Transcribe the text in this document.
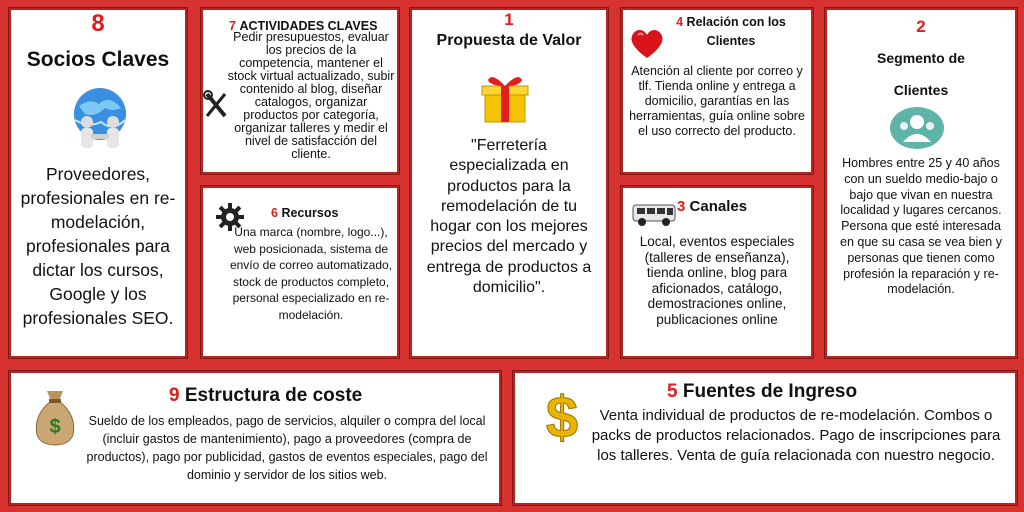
8
Socios Claves
Proveedores, profesionales en re-modelación, profesionales para dictar los cursos, Google y los profesionales SEO.
7 ACTIVIDADES CLAVES
Pedir presupuestos, evaluar los precios de la competencia, mantener el stock virtual actualizado, subir contenido al blog, diseñar catalogos, organizar productos por categoría, organizar talleres y medir el nivel de satisfacción del cliente.
6 Recursos
Una marca (nombre, logo...), web posicionada, sistema de envío de correo automatizado, stock de productos completo, personal especializado en re-modelación.
1
Propuesta de Valor
"Ferretería especializada en productos para la remodelación de tu hogar con los mejores precios del mercado y entrega de productos a domicilio".
4 Relación con los Clientes
Atención al cliente por correo y tlf. Tienda online y entrega a domicilio, garantías en las herramientas, guía online sobre el uso correcto del producto.
3 Canales
Local, eventos especiales (talleres de enseñanza), tienda online, blog para aficionados, catálogo, demostraciones online, publicaciones online
2
Segmento de
Clientes
Hombres entre 25 y 40 años con un sueldo medio-bajo o bajo que vivan en nuestra localidad y lugares cercanos. Persona que esté interesada en que su casa se vea bien y personas que tienen como profesión la reparación y re-modelación.
$
9 Estructura de coste
Sueldo de los empleados, pago de servicios, alquiler o compra del local (incluir gastos de mantenimiento), pago a proveedores (compra de productos), pago por publicidad, gastos de eventos especiales, pago del dominio y servidor de los sitios web.
$	5 Fuentes de Ingreso
Venta individual de productos de re-modelación. Combos o packs de productos relacionados. Pago de inscripciones para los talleres. Venta de guía relacionada con nuestro negocio.
